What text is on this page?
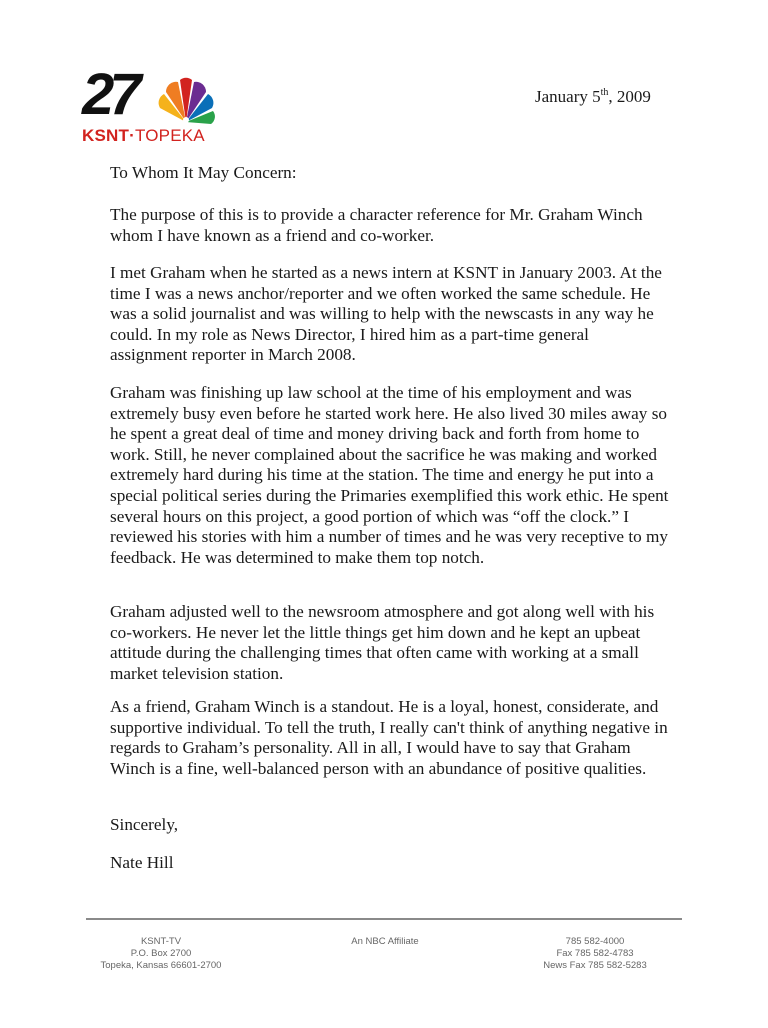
27
KSNT·TOPEKA
January 5th, 2009
To Whom It May Concern:

The purpose of this is to provide a character reference for Mr. Graham Winch whom I have known as a friend and co-worker.

I met Graham when he started as a news intern at KSNT in January 2003. At the time I was a news anchor/reporter and we often worked the same schedule. He was a solid journalist and was willing to help with the newscasts in any way he could. In my role as News Director, I hired him as a part-time general assignment reporter in March 2008.

Graham was finishing up law school at the time of his employment and was extremely busy even before he started work here. He also lived 30 miles away so he spent a great deal of time and money driving back and forth from home to work. Still, he never complained about the sacrifice he was making and worked extremely hard during his time at the station. The time and energy he put into a special political series during the Primaries exemplified this work ethic. He spent several hours on this project, a good portion of which was “off the clock.” I reviewed his stories with him a number of times and he was very receptive to my feedback. He was determined to make them top notch.

Graham adjusted well to the newsroom atmosphere and got along well with his co-workers. He never let the little things get him down and he kept an upbeat attitude during the challenging times that often came with working at a small market television station.

As a friend, Graham Winch is a standout. He is a loyal, honest, considerate, and supportive individual. To tell the truth, I really can't think of anything negative in regards to Graham’s personality. All in all, I would have to say that Graham Winch is a fine, well-balanced person with an abundance of positive qualities.

Sincerely,
Nate Hill
KSNT-TV
P.O. Box 2700
Topeka, Kansas 66601-2700
An NBC Affiliate	785 582-4000
Fax 785 582-4783
News Fax 785 582-5283
